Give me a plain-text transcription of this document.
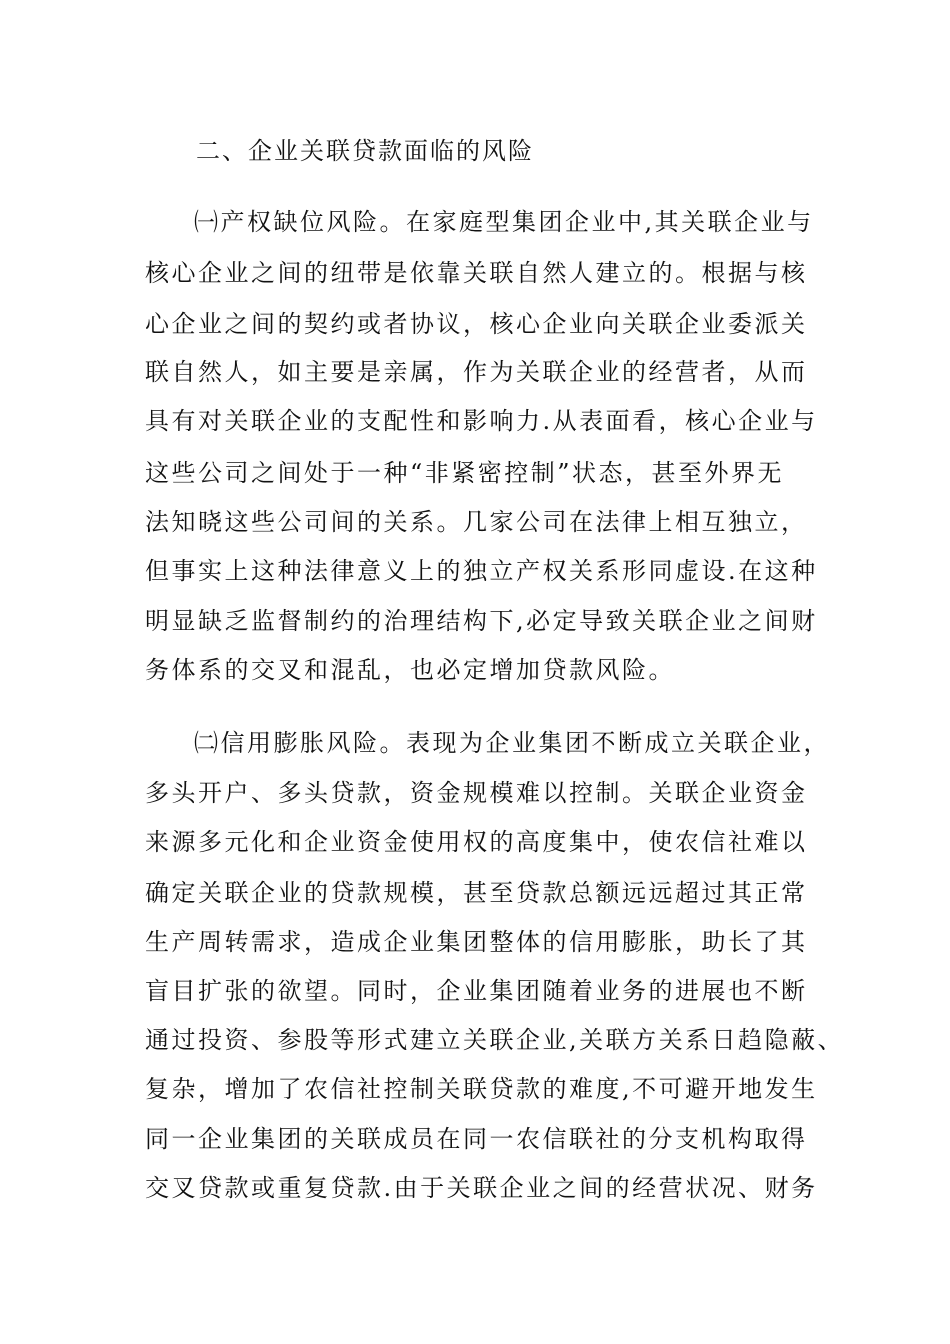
二、企业关联贷款面临的风险
㈠产权缺位风险。在家庭型集团企业中,其关联企业与
核心企业之间的纽带是依靠关联自然人建立的。根据与核
心企业之间的契约或者协议，核心企业向关联企业委派关
联自然人，如主要是亲属，作为关联企业的经营者，从而
具有对关联企业的支配性和影响力.从表面看，核心企业与
这些公司之间处于一种“非紧密控制”状态，甚至外界无
法知晓这些公司间的关系。几家公司在法律上相互独立，
但事实上这种法律意义上的独立产权关系形同虚设.在这种
明显缺乏监督制约的治理结构下,必定导致关联企业之间财
务体系的交叉和混乱，也必定增加贷款风险。
㈡信用膨胀风险。表现为企业集团不断成立关联企业，
多头开户、多头贷款，资金规模难以控制。关联企业资金
来源多元化和企业资金使用权的高度集中，使农信社难以
确定关联企业的贷款规模，甚至贷款总额远远超过其正常
生产周转需求，造成企业集团整体的信用膨胀，助长了其
盲目扩张的欲望。同时，企业集团随着业务的进展也不断
通过投资、参股等形式建立关联企业,关联方关系日趋隐蔽、
复杂，增加了农信社控制关联贷款的难度,不可避开地发生
同一企业集团的关联成员在同一农信联社的分支机构取得
交叉贷款或重复贷款.由于关联企业之间的经营状况、财务
